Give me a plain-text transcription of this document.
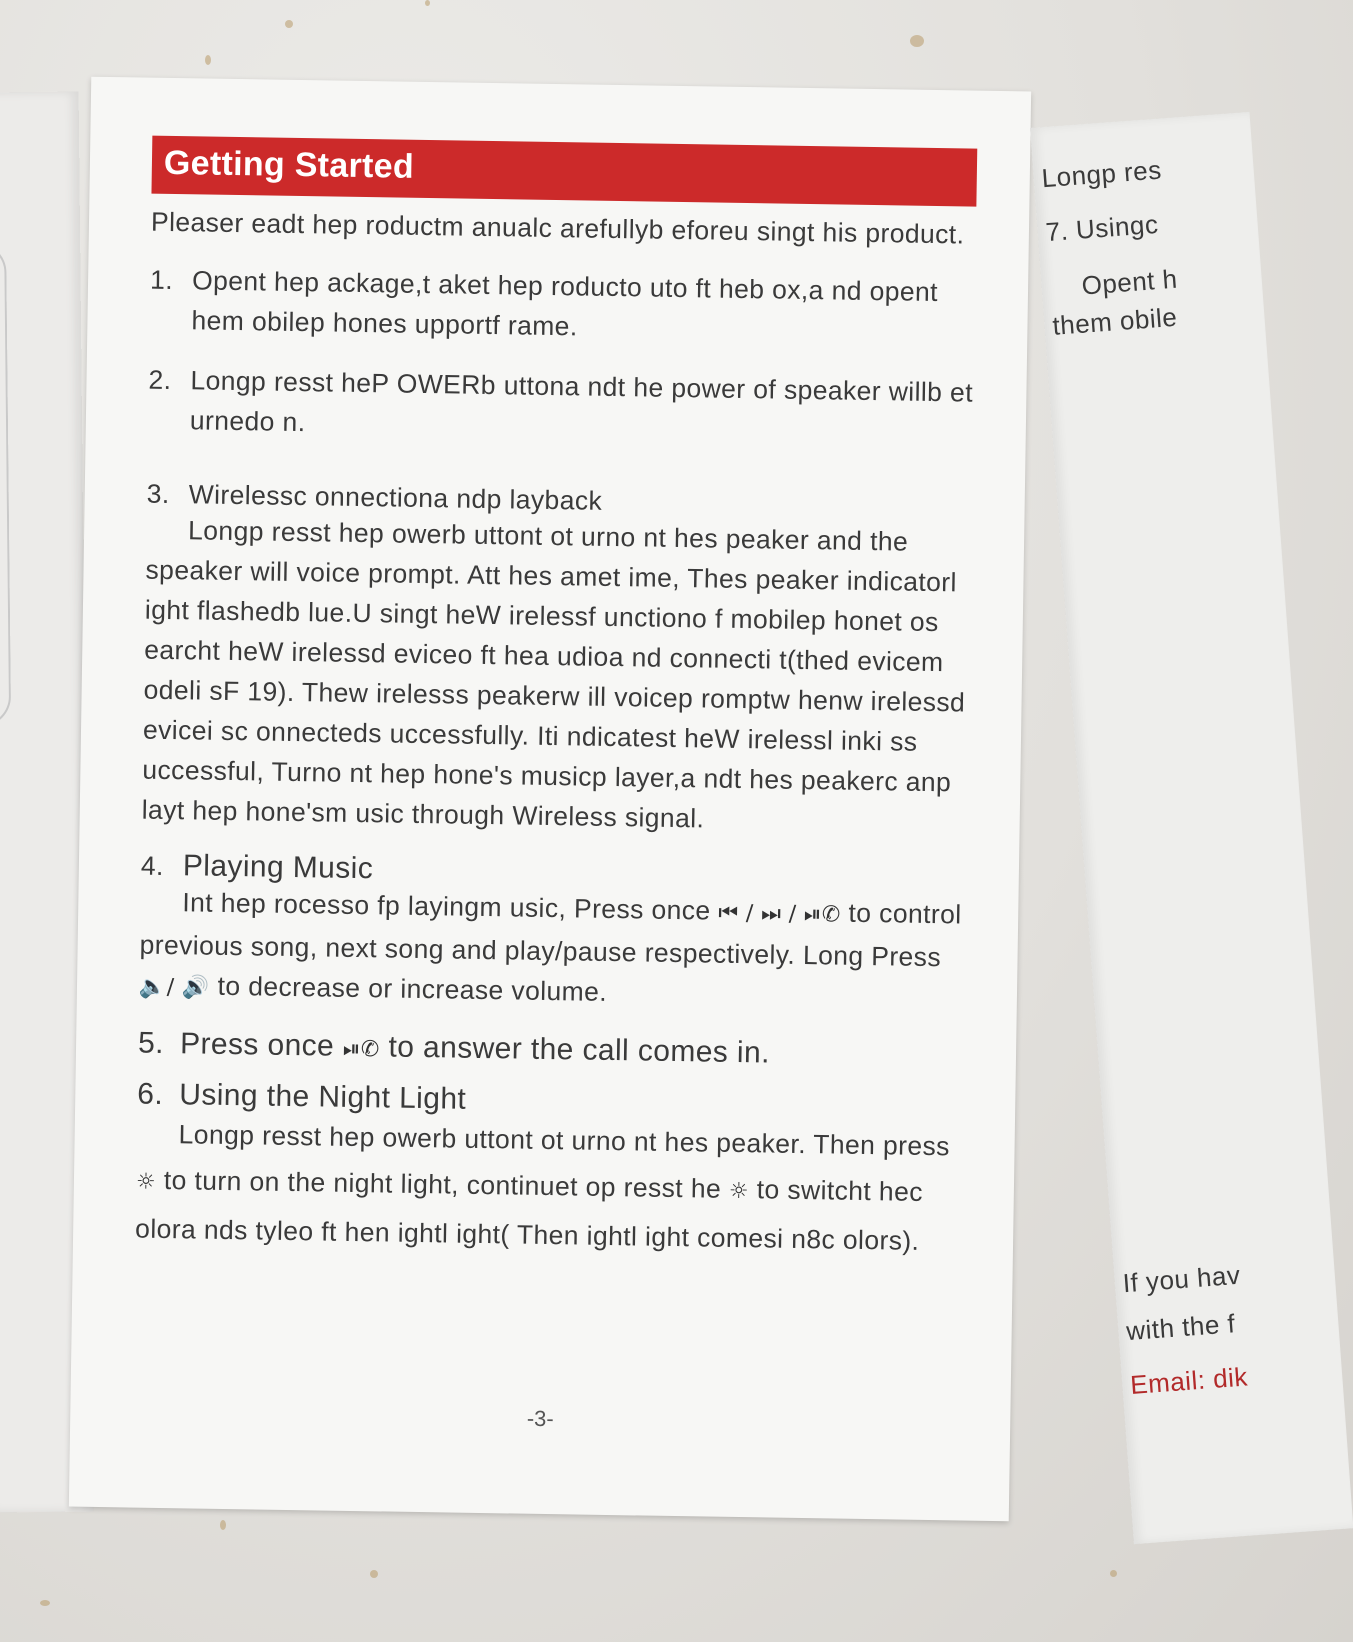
Getting Started

Pleaser eadt hep roductm anualc arefullyb eforeu singt his product.

1. Opent hep ackage,t aket hep roducto uto ft heb ox,a nd opent hem obilep hones upportf rame.
2. Longp resst heP OWERb uttona ndt he power of speaker willb et urnedo n.
3. Wirelessc onnectiona ndp layback

Longp resst hep owerb uttont ot urno nt hes peaker and the speaker will voice prompt. Att hes amet ime, Thes peaker indicatorl ight flashedb lue.U singt heW irelessf unctiono f mobilep honet os earcht heW irelessd eviceo ft hea udioa nd connecti t(thed evicem odeli sF 19). Thew irelesss peakerw ill voicep romptw henw irelessd evicei sc onnecteds uccessfully. Iti ndicatest heW irelessl inki ss uccessful, Turno nt hep hone's musicp layer,a ndt hes peakerc anp layt hep hone'sm usic through Wireless signal.

4. Playing Music

Int hep rocesso fp layingm usic, Press once ⏮ / ⏭ / ⏯✆ to control previous song, next song and play/pause respectively. Long Press 🔈/ 🔊 to decrease or increase volume.

5. Press once ⏯✆ to answer the call comes in.
6. Using the Night Light

Longp resst hep owerb uttont ot urno nt hes peaker. Then press ☼ to turn on the night light, continuet op resst he ☼ to switcht hec olora nds tyleo ft hen ightl ight( Then ightl ight comesi n8c olors).

-3-
Longp res
7. Usingc
Opent h
them obile
If you hav
with the f
Email: dik
